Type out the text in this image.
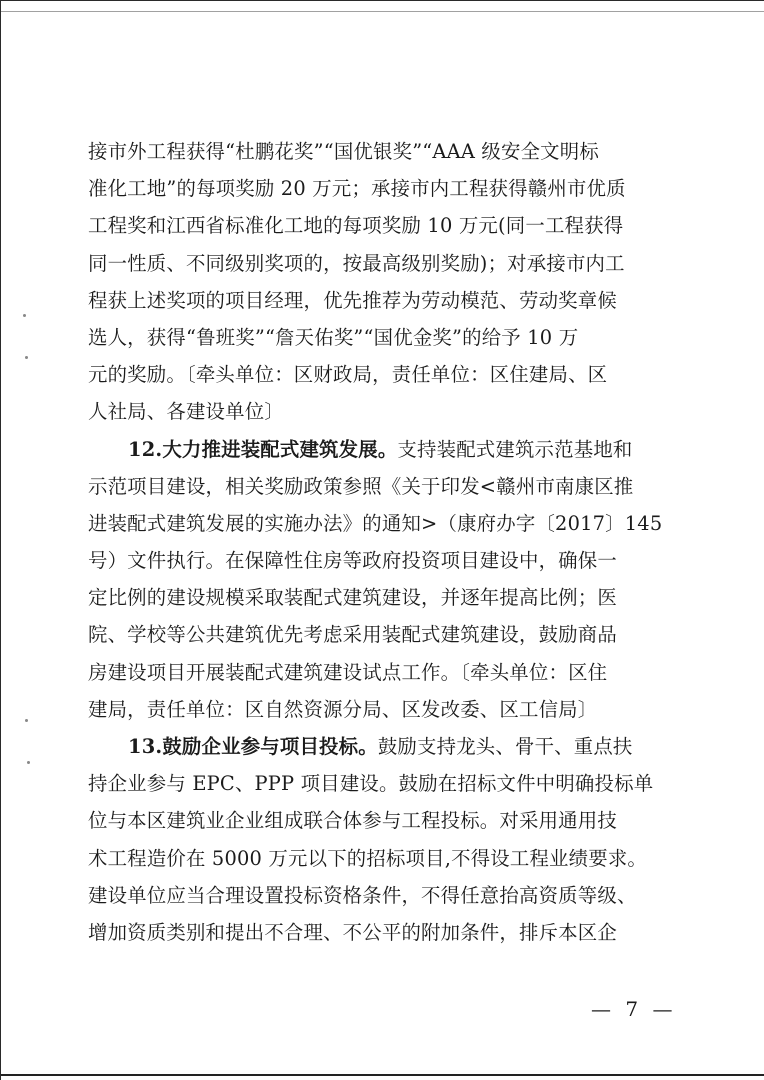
接市外工程获得“杜鹏花奖”“国优银奖”“AAA 级安全文明标
准化工地”的每项奖励 20 万元；承接市内工程获得赣州市优质
工程奖和江西省标准化工地的每项奖励 10 万元(同一工程获得
同一性质、不同级别奖项的，按最高级别奖励)；对承接市内工
程获上述奖项的项目经理，优先推荐为劳动模范、劳动奖章候
选人，获得“鲁班奖”“詹天佑奖”“国优金奖”的给予 10 万
元的奖励。〔牵头单位：区财政局，责任单位：区住建局、区
人社局、各建设单位〕
12.大力推进装配式建筑发展。支持装配式建筑示范基地和
示范项目建设，相关奖励政策参照《关于印发<赣州市南康区推
进装配式建筑发展的实施办法》的通知>（康府办字〔2017〕145
号）文件执行。在保障性住房等政府投资项目建设中，确保一
定比例的建设规模采取装配式建筑建设，并逐年提高比例；医
院、学校等公共建筑优先考虑采用装配式建筑建设，鼓励商品
房建设项目开展装配式建筑建设试点工作。〔牵头单位：区住
建局，责任单位：区自然资源分局、区发改委、区工信局〕
13.鼓励企业参与项目投标。鼓励支持龙头、骨干、重点扶
持企业参与 EPC、PPP 项目建设。鼓励在招标文件中明确投标单
位与本区建筑业企业组成联合体参与工程投标。对采用通用技
术工程造价在 5000 万元以下的招标项目,不得设工程业绩要求。
建设单位应当合理设置投标资格条件，不得任意抬高资质等级、
增加资质类别和提出不合理、不公平的附加条件，排斥本区企
— 7 —
